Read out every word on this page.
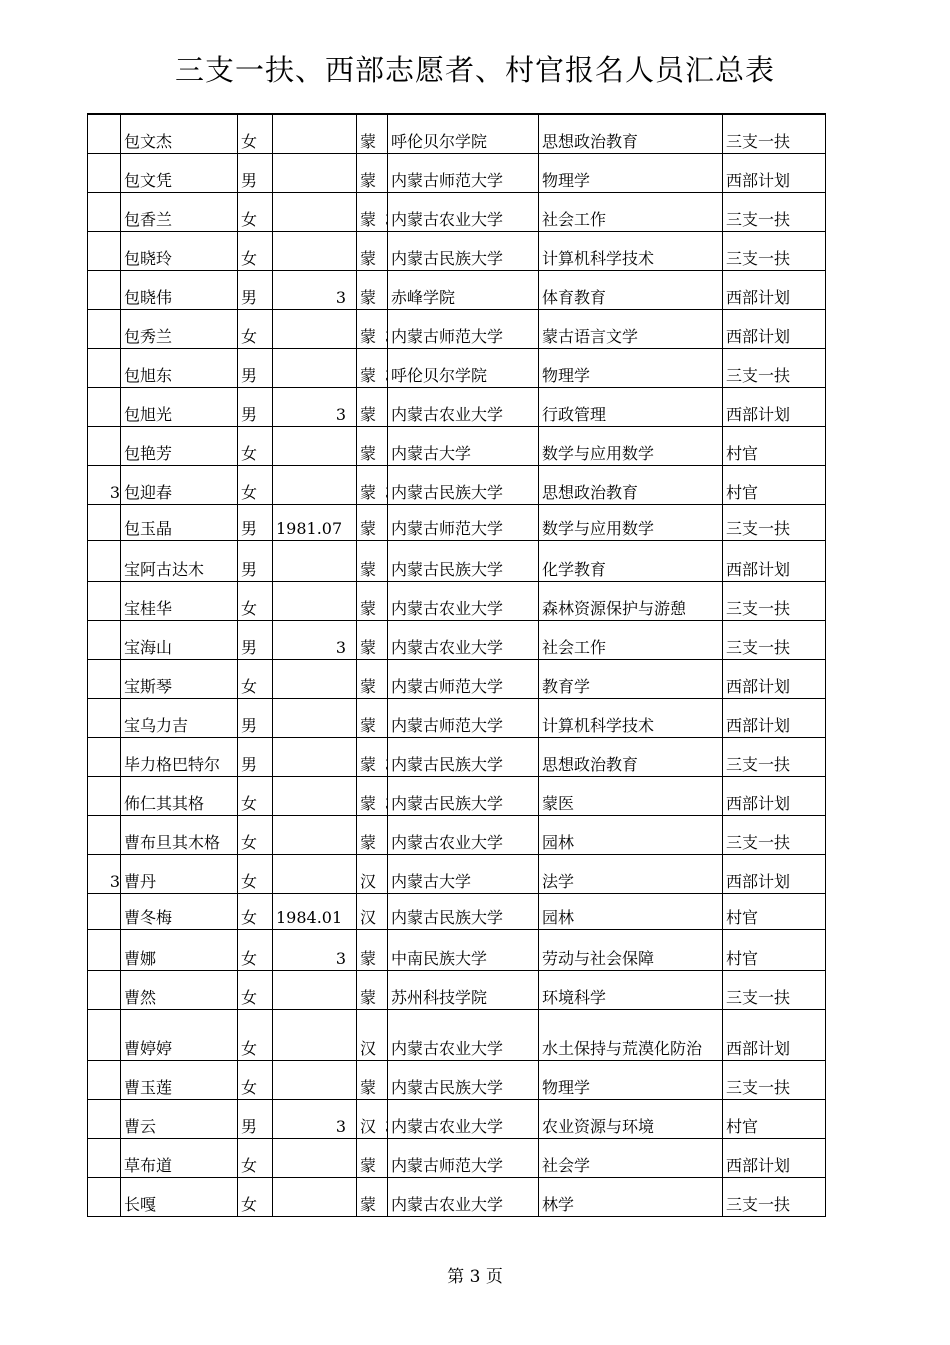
三支一扶、西部志愿者、村官报名人员汇总表
	包文杰	女		蒙	呼伦贝尔学院	思想政治教育	三支一扶
	包文凭	男		蒙	内蒙古师范大学	物理学	西部计划
	包香兰	女		蒙	内蒙古农业大学	社会工作	三支一扶
	包晓玲	女		蒙	内蒙古民族大学	计算机科学技术	三支一扶
	包晓伟	男	3	蒙	赤峰学院	体育教育	西部计划
	包秀兰	女		蒙	内蒙古师范大学	蒙古语言文学	西部计划
	包旭东	男		蒙	呼伦贝尔学院	物理学	三支一扶
	包旭光	男	3	蒙	内蒙古农业大学	行政管理	西部计划
	包艳芳	女		蒙	内蒙古大学	数学与应用数学	村官
3	包迎春	女		蒙	内蒙古民族大学	思想政治教育	村官
	包玉晶	男	1981.07	蒙	内蒙古师范大学	数学与应用数学	三支一扶
	宝阿古达木	男		蒙	内蒙古民族大学	化学教育	西部计划
	宝桂华	女		蒙	内蒙古农业大学	森林资源保护与游憩	三支一扶
	宝海山	男	3	蒙	内蒙古农业大学	社会工作	三支一扶
	宝斯琴	女		蒙	内蒙古师范大学	教育学	西部计划
	宝乌力吉	男		蒙	内蒙古师范大学	计算机科学技术	西部计划
	毕力格巴特尔	男		蒙	内蒙古民族大学	思想政治教育	三支一扶
	佈仁其其格	女		蒙	内蒙古民族大学	蒙医	西部计划
	曹布旦其木格	女		蒙	内蒙古农业大学	园林	三支一扶
3	曹丹	女		汉	内蒙古大学	法学	西部计划
	曹冬梅	女	1984.01	汉	内蒙古民族大学	园林	村官
	曹娜	女	3	蒙	中南民族大学	劳动与社会保障	村官
	曹然	女		蒙	苏州科技学院	环境科学	三支一扶
	曹婷婷	女		汉	内蒙古农业大学	水土保持与荒漠化防治	西部计划
	曹玉莲	女		蒙	内蒙古民族大学	物理学	三支一扶
	曹云	男	3	汉	内蒙古农业大学	农业资源与环境	村官
	草布道	女		蒙	内蒙古师范大学	社会学	西部计划
	长嘎	女		蒙	内蒙古农业大学	林学	三支一扶
第 3 页
